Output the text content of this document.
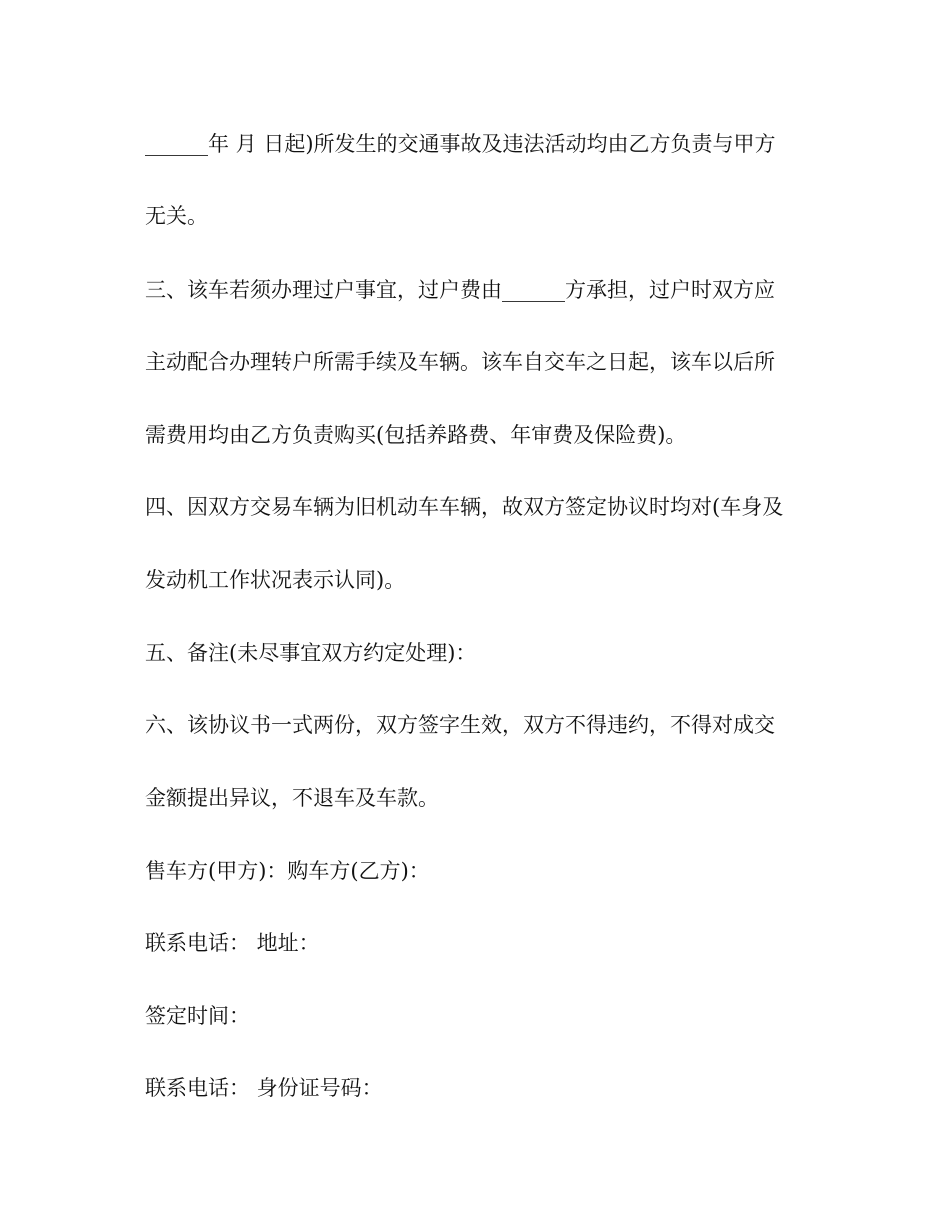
______年 月 日起)所发生的交通事故及违法活动均由乙方负责与甲方

无关。

三、该车若须办理过户事宜，过户费由______方承担，过户时双方应

主动配合办理转户所需手续及车辆。该车自交车之日起，该车以后所

需费用均由乙方负责购买(包括养路费、年审费及保险费)。

四、因双方交易车辆为旧机动车车辆，故双方签定协议时均对(车身及

发动机工作状况表示认同)。

五、备注(未尽事宜双方约定处理)：

六、该协议书一式两份，双方签字生效，双方不得违约，不得对成交

金额提出异议，不退车及车款。

售车方(甲方)：购车方(乙方)：

联系电话： 地址：

签定时间：

联系电话： 身份证号码：
